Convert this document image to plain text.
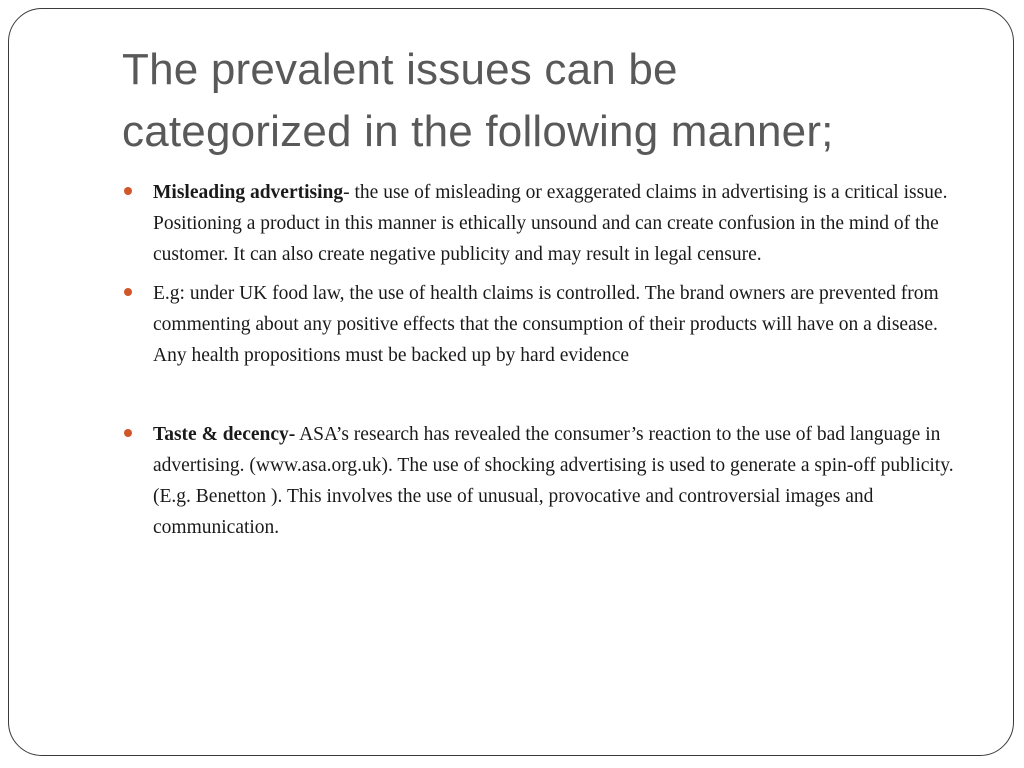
The prevalent issues can be
categorized in the following manner;
Misleading advertising- the use of misleading or exaggerated claims in advertising is a critical issue. Positioning a product in this manner is ethically unsound and can create confusion in the mind of the customer. It can also create negative publicity and may result in legal censure.
E.g: under UK food law, the use of health claims is controlled. The brand owners are prevented from commenting about any positive effects that the consumption of their products will have on a disease. Any health propositions must be backed up by hard evidence
Taste & decency- ASA’s research has revealed the consumer’s reaction to the use of bad language in advertising. (www.asa.org.uk). The use of shocking advertising is used to generate a spin-off publicity. (E.g. Benetton ). This involves the use of unusual, provocative and controversial images and communication.
